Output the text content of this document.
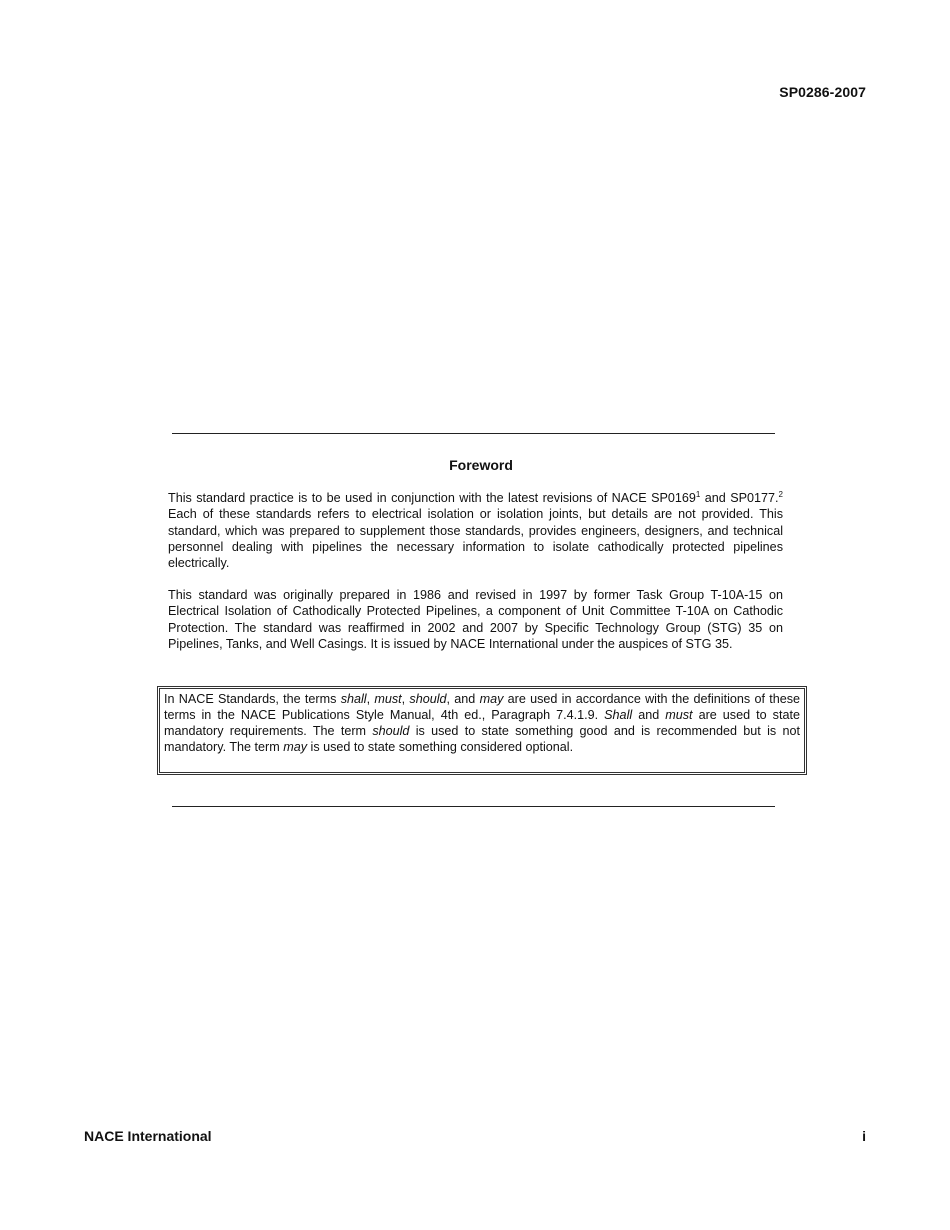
SP0286-2007
Foreword

This standard practice is to be used in conjunction with the latest revisions of NACE SP0169$^1$ and SP0177.$^2$ Each of these standards refers to electrical isolation or isolation joints, but details are not provided. This standard, which was prepared to supplement those standards, provides engineers, designers, and technical personnel dealing with pipelines the necessary information to isolate cathodically protected pipelines electrically.

This standard was originally prepared in 1986 and revised in 1997 by former Task Group T-10A-15 on Electrical Isolation of Cathodically Protected Pipelines, a component of Unit Committee T-10A on Cathodic Protection. The standard was reaffirmed in 2002 and 2007 by Specific Technology Group (STG) 35 on Pipelines, Tanks, and Well Casings. It is issued by NACE International under the auspices of STG 35.

In NACE Standards, the terms shall, must, should, and may are used in accordance with the definitions of these terms in the NACE Publications Style Manual, 4th ed., Paragraph 7.4.1.9. Shall and must are used to state mandatory requirements. The term should is used to state something good and is recommended but is not mandatory. The term may is used to state something considered optional.
NACE International	i
